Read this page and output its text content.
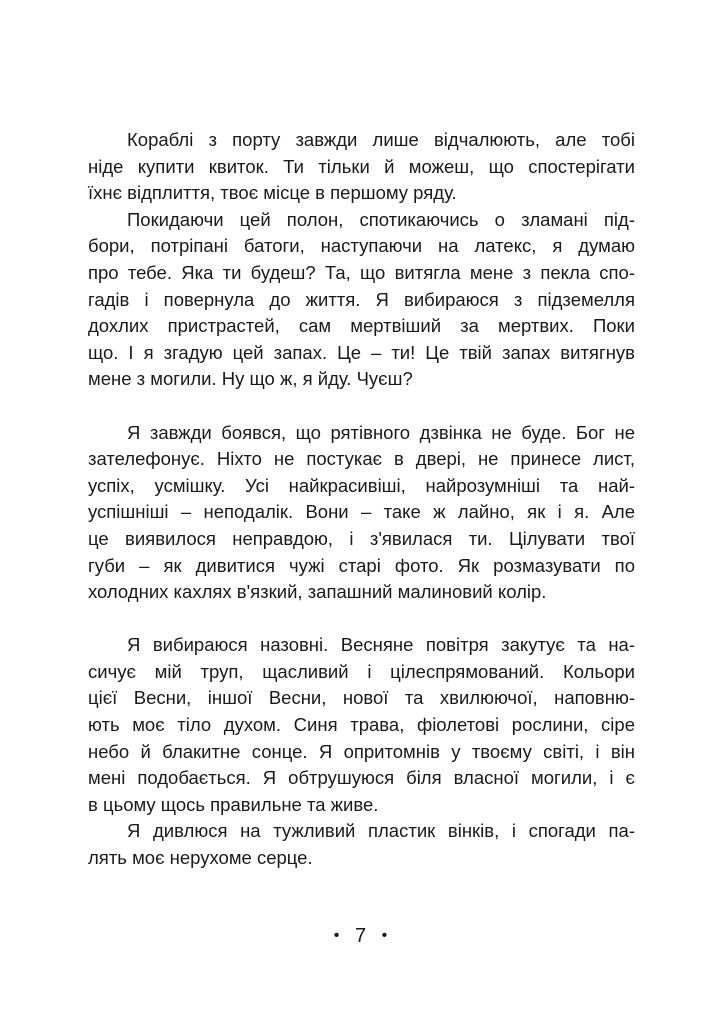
Кораблі з порту завжди лише відчалюють, але тобі
ніде купити квиток. Ти тільки й можеш, що спостерігати
їхнє відплиття, твоє місце в першому ряду.
Покидаючи цей полон, спотикаючись о зламані під-
бори, потріпані батоги, наступаючи на латекс, я думаю
про тебе. Яка ти будеш? Та, що витягла мене з пекла спо-
гадів і повернула до життя. Я вибираюся з підземелля
дохлих пристрастей, сам мертвіший за мертвих. Поки
що. І я згадую цей запах. Це – ти! Це твій запах витягнув
мене з могили. Ну що ж, я йду. Чуєш?
Я завжди боявся, що рятівного дзвінка не буде. Бог не
зателефонує. Ніхто не постукає в двері, не принесе лист,
успіх, усмішку. Усі найкрасивіші, найрозумніші та най-
успішніші – неподалік. Вони – таке ж лайно, як і я. Але
це виявилося неправдою, і з'явилася ти. Цілувати твої
губи – як дивитися чужі старі фото. Як розмазувати по
холодних кахлях в'язкий, запашний малиновий колір.
Я вибираюся назовні. Весняне повітря закутує та на-
сичує мій труп, щасливий і цілеспрямований. Кольори
цієї Весни, іншої Весни, нової та хвилюючої, наповню-
ють моє тіло духом. Синя трава, фіолетові рослини, сіре
небо й блакитне сонце. Я опритомнів у твоєму світі, і він
мені подобається. Я обтрушуюся біля власної могили, і є
в цьому щось правильне та живе.
Я дивлюся на тужливий пластик вінків, і спогади па-
лять моє нерухоме серце.
• 7 •
